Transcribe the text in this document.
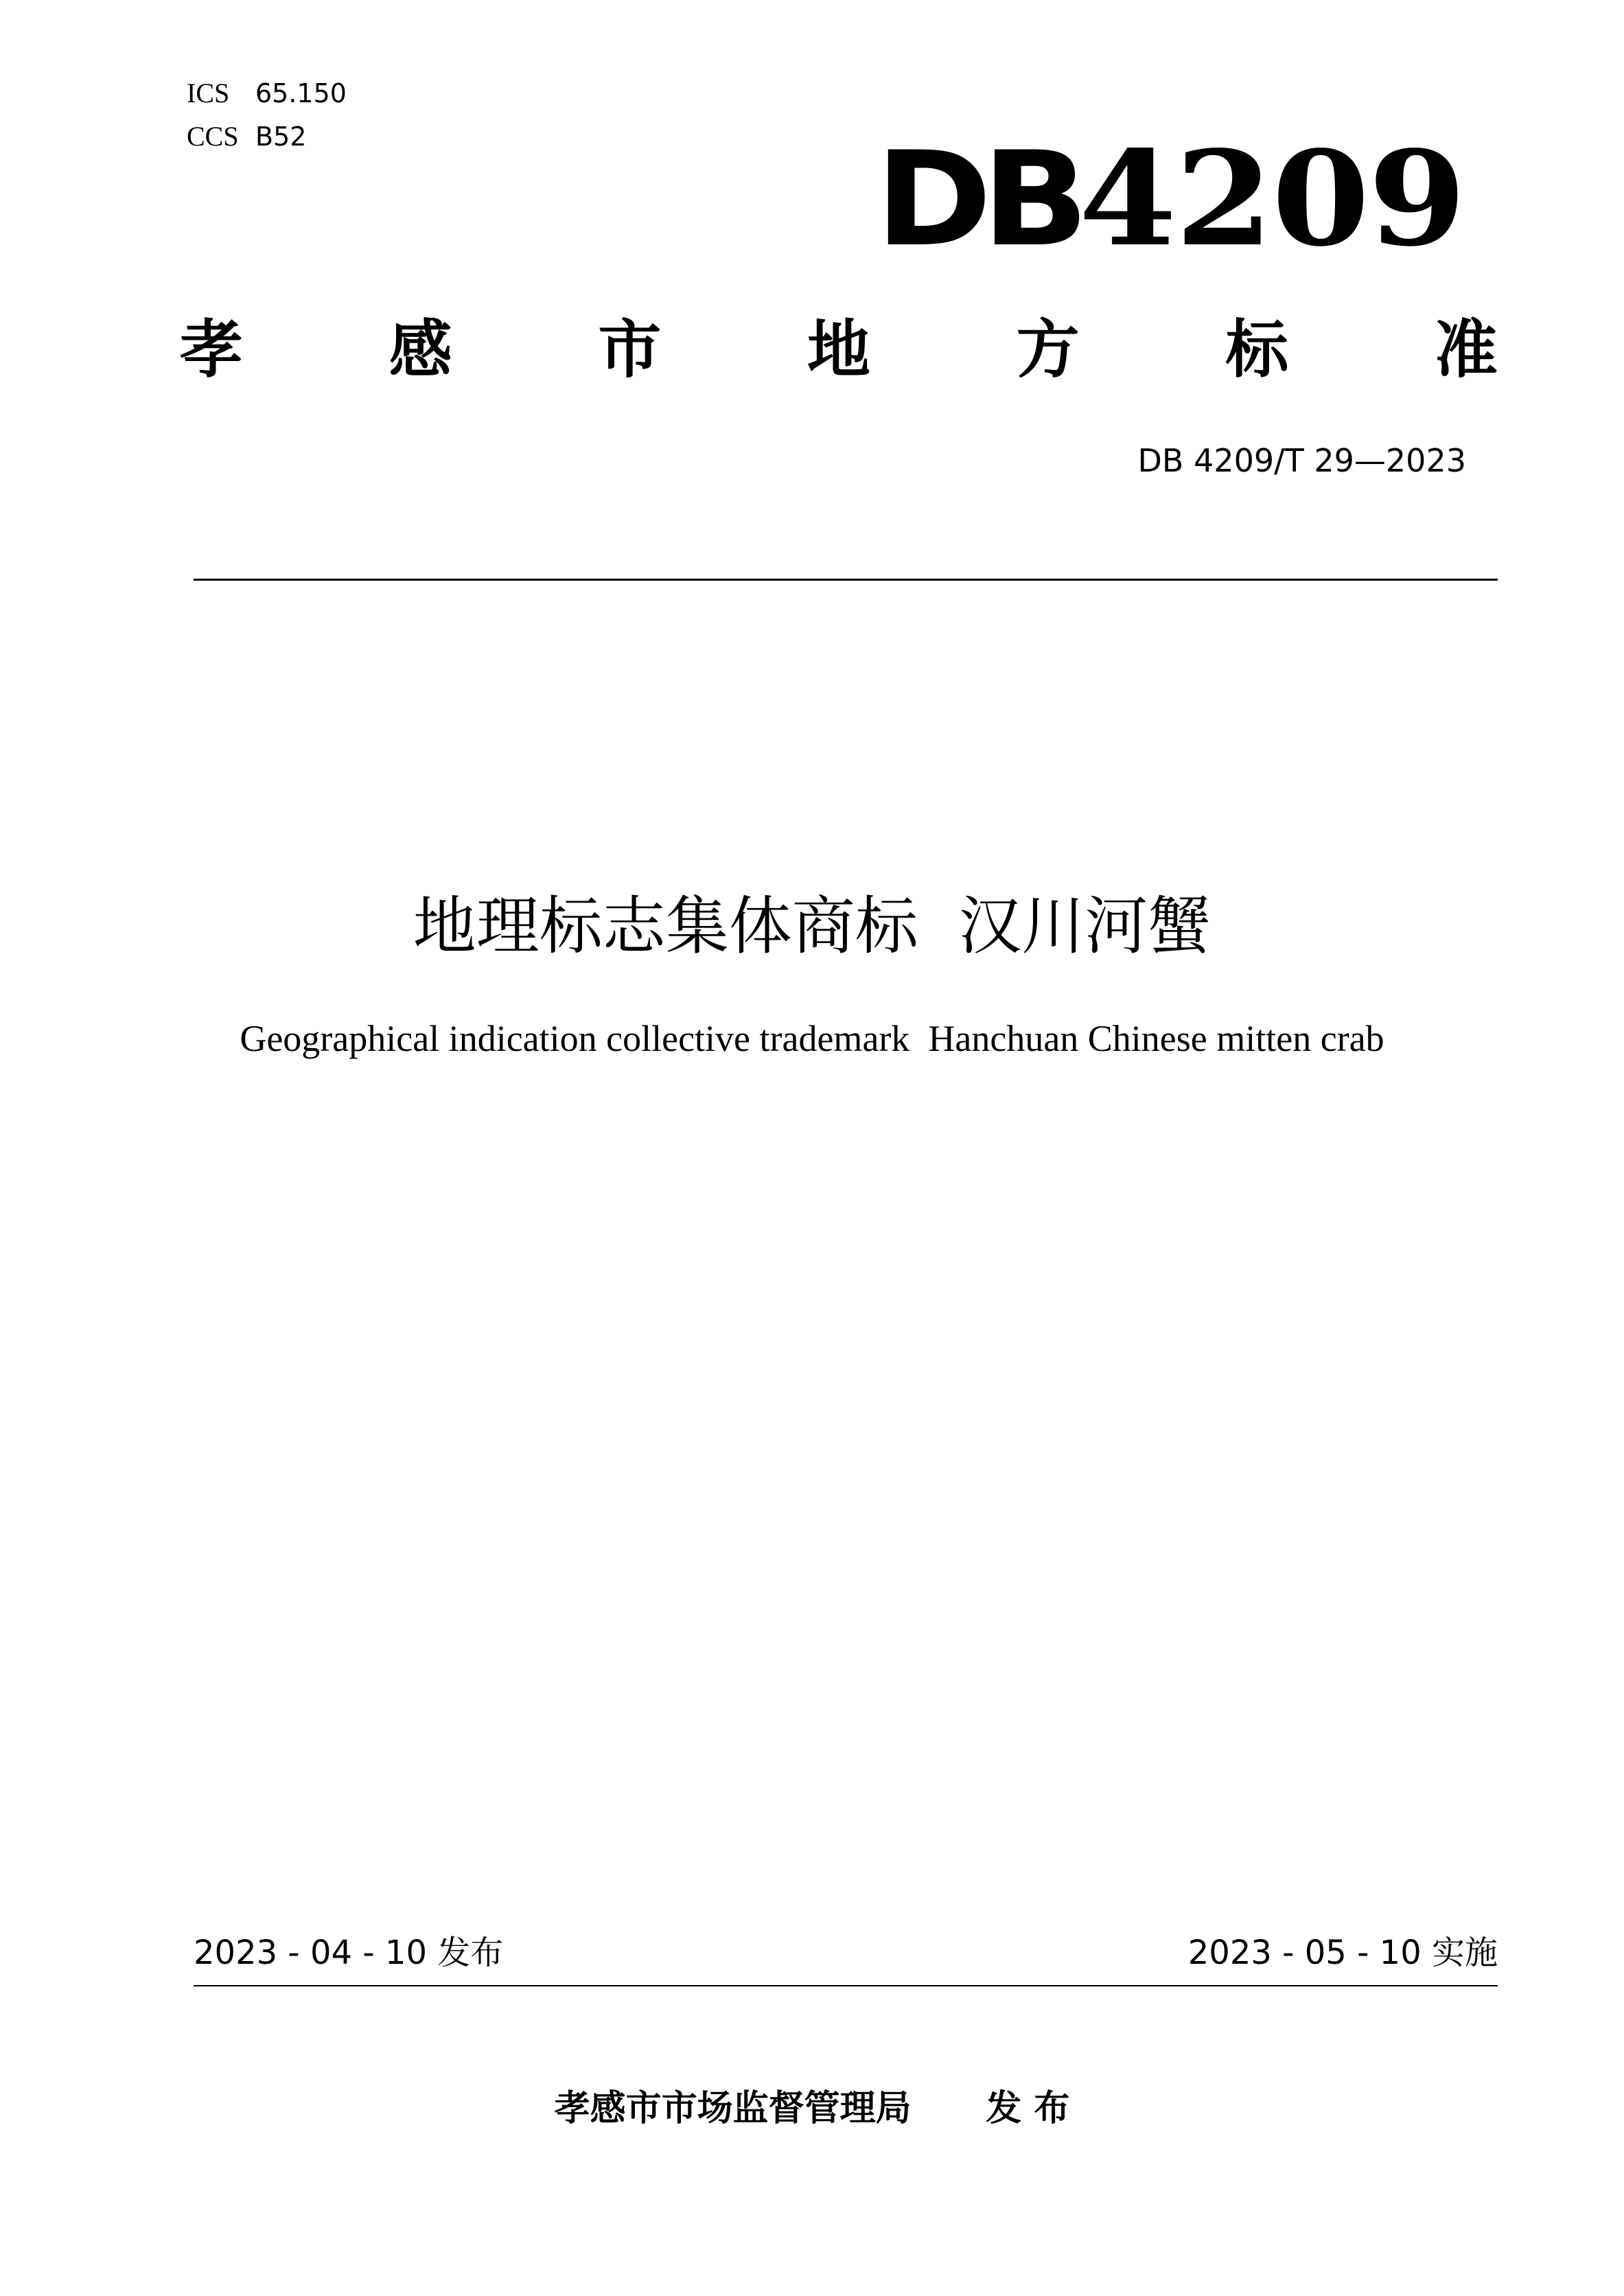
ICS 65.150
CCS B52	DB4209
孝 感 市 地 方 标 准
DB 4209/T 29—2023
地理标志集体商标  汉川河蟹
Geographical indication collective trademark  Hanchuan Chinese mitten crab
2023 - 04 - 10 发布	2023 - 05 - 10 实施
孝感市市场监督管理局      发 布
